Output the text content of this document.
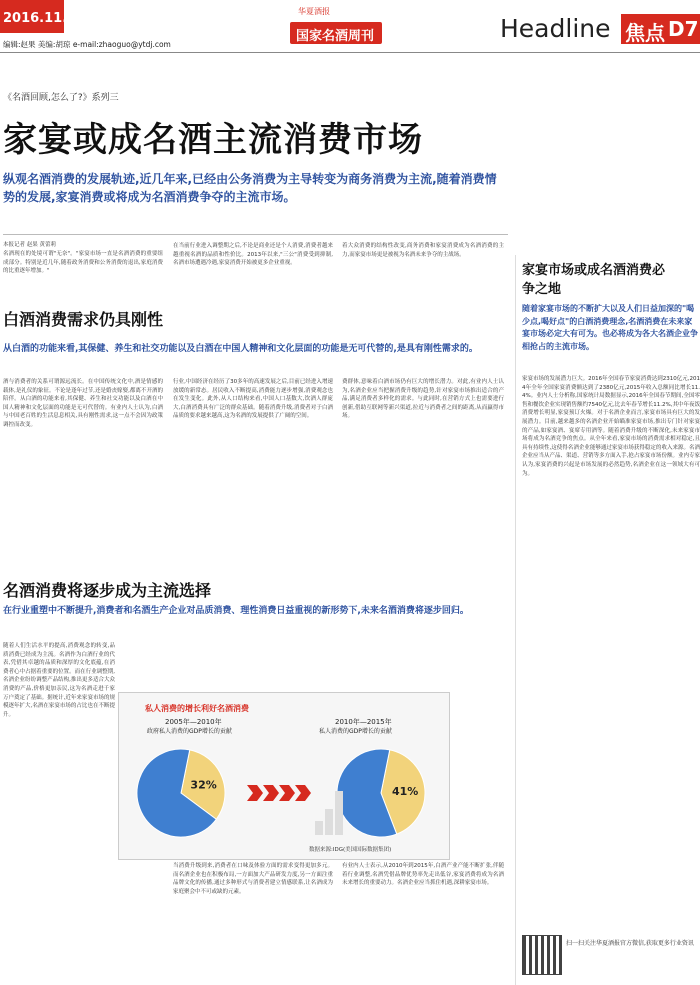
2016.11.22
编辑:赵果 美编:胡琼 e-mail:zhaoguo@ytdj.com
华夏酒报
国家名酒周刊	Headline 焦点 D7
《名酒回顾,怎么了?》系列三
家宴或成名酒主流消费市场
纵观名酒消费的发展轨迹,近几年来,已经由公务消费为主导转变为商务消费为主流,随着消费情势的发展,家宴消费或将成为名酒消费争夺的主流市场。
本报记者 赵果 黄蕾莉
名酒现在的处境可谓"无奈"。"家宴市场一直是名酒消费的重要组成部分。特别是近几年,随着政务消费和公务消费的退出,家庭消费的比重逐年增加。"
在当前行业进入调整期之后,不论是商业还是个人消费,消费者越来越重视名酒的品质和性价比。2013年以来,"三公"消费受到抑制,名酒市场遭遇冷遇,家宴消费开始被更多企业重视。
着大众消费的结构性改变,商务消费和家宴消费成为名酒消费的主力,而家宴市场更是被视为名酒未来争夺的主战场。
白酒消费需求仍具刚性
从白酒的功能来看,其保健、养生和社交功能以及白酒在中国人精神和文化层面的功能是无可代替的,是具有刚性需求的。
酒与消费者的关系可谓源远流长。在中国传统文化中,酒是情感的载体,是礼仪的象征。不论是逢年过节,还是婚丧嫁娶,都离不开酒的陪伴。从白酒的功能来看,其保健、养生和社交功能以及白酒在中国人精神和文化层面的功能是无可代替的。有业内人士认为,白酒与中国老百姓的生活息息相关,具有刚性需求,这一点不会因为政策调控而改变。
行业,中国经济在经历了30多年的高速发展之后,目前已经进入增速放缓的新常态。居民收入不断提高,消费能力逐步增强,消费观念也在发生变化。此外,从人口结构来看,中国人口基数大,饮酒人群庞大,白酒消费具有广泛的群众基础。随着消费升级,消费者对于白酒品质的要求越来越高,这为名酒的发展提供了广阔的空间。
费群体,意味着白酒市场仍有巨大的增长潜力。对此,有业内人士认为,名酒企业应当把握消费升级的趋势,针对家宴市场推出适合的产品,满足消费者多样化的需求。与此同时,在营销方式上也需要进行创新,借助互联网等新兴渠道,拉近与消费者之间的距离,从而赢得市场。
名酒消费将逐步成为主流选择
在行业重塑中不断提升,消费者和名酒生产企业对品质消费、理性消费日益重视的新形势下,未来名酒消费将逐步回归。
随着人们生活水平的提高,消费观念的转变,品质消费已经成为主流。名酒作为白酒行业的代表,凭借其卓越的品质和深厚的文化底蕴,在消费者心中占据着重要的位置。而在行业调整期,名酒企业纷纷调整产品结构,推出更多适合大众消费的产品,价格更加亲民,这为名酒走进千家万户奠定了基础。据统计,近年来家宴市场的规模逐年扩大,名酒在家宴市场的占比也在不断提升。
当消费升级到来,消费者在口味及体验方面的需求变得更加多元。而名酒企业也在积极布局,一方面加大产品研发力度,另一方面注重品牌文化的传播,通过多种形式与消费者建立情感联系,让名酒成为家庭聚会中不可或缺的元素。
有业内人士表示,从2010年到2015年,白酒产业产能不断扩张,伴随着行业调整,名酒凭借品牌优势率先走出低谷,家宴消费将成为名酒未来增长的重要动力。名酒企业应当抓住机遇,深耕家宴市场。
私人消费的增长利好名酒消费
32%
41%
2005年—2010年
政府私人消费的GDP增长的贡献
2010年—2015年
私人消费的GDP增长的贡献
数据来源:IDG(美国国际数据集团)
家宴市场或成名酒消费必争之地
随着家宴市场的不断扩大以及人们日益加深的"喝少点,喝好点"的白酒消费理念,名酒消费在未来家宴市场必定大有可为。也必将成为各大名酒企业争相抢占的主流市场。
家宴市场的发展潜力巨大。2016年全国春节家宴消费达到2310亿元,2014年全年全国家宴消费额达到了2380亿元,2015年收入总额同比增长11.4%。业内人士分析称,国家统计局数据显示,2016年全国春节期间,全国零售和餐饮企业实现销售额约7540亿元,比去年春节增长11.2%,其中年夜饭消费增长明显,家宴预订火爆。对于名酒企业而言,家宴市场具有巨大的发展潜力。目前,越来越多的名酒企业开始瞄准家宴市场,推出专门针对家宴的产品,如家宴酒、宴席专用酒等。随着消费升级的不断深化,未来家宴市场将成为名酒竞争的焦点。从全年来看,家宴市场的消费需求相对稳定,且具有持续性,这使得名酒企业能够通过家宴市场获得稳定的收入来源。名酒企业应当从产品、渠道、营销等多方面入手,抢占家宴市场份额。业内专家认为,家宴消费的兴起是市场发展的必然趋势,名酒企业在这一领域大有可为。
扫一扫关注华夏酒报官方微信,获取更多行业资讯
